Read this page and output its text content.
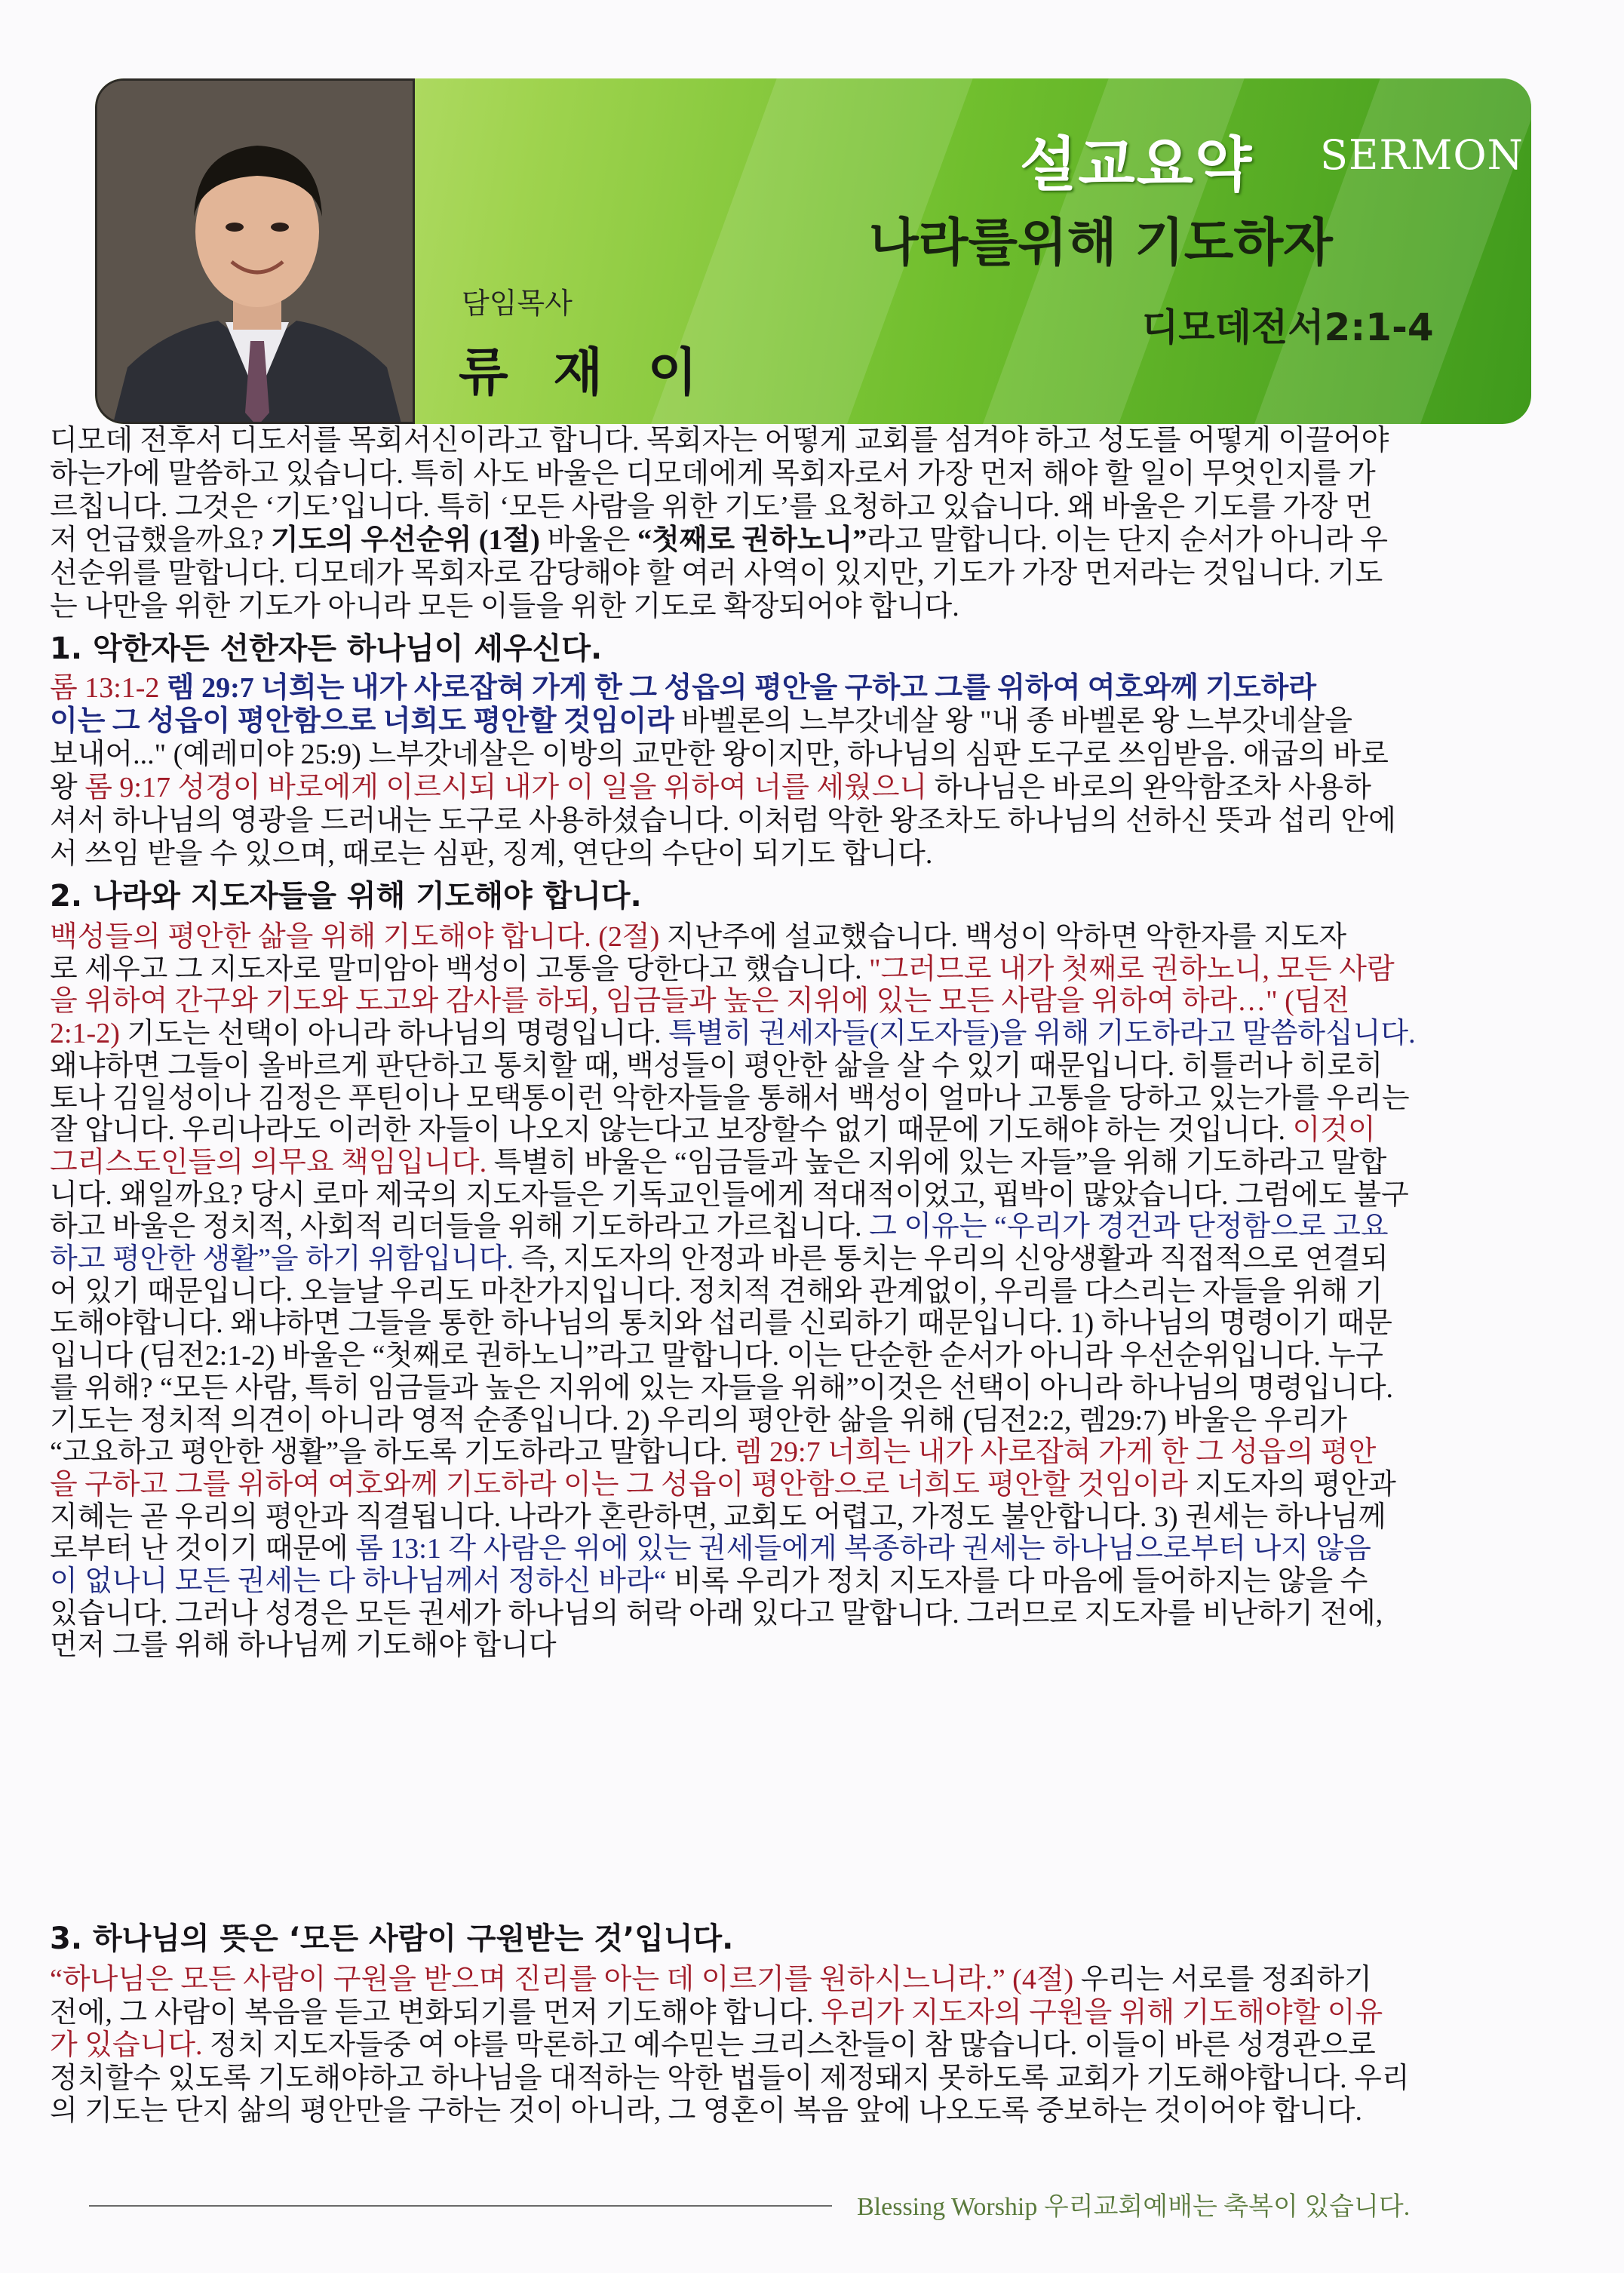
담임목사
류 재 이
설교요약 SERMON
나라를위해 기도하자
디모데전서2:1-4
디모데 전후서 디도서를 목회서신이라고 합니다. 목회자는 어떻게 교회를 섬겨야 하고 성도를 어떻게 이끌어야
하는가에 말씀하고 있습니다. 특히 사도 바울은 디모데에게 목회자로서 가장 먼저 해야 할 일이 무엇인지를 가
르칩니다. 그것은 ‘기도’입니다. 특히 ‘모든 사람을 위한 기도’를 요청하고 있습니다. 왜 바울은 기도를 가장 먼
저 언급했을까요? 기도의 우선순위 (1절) 바울은 “첫째로 권하노니”라고 말합니다. 이는 단지 순서가 아니라 우
선순위를 말합니다. 디모데가 목회자로 감당해야 할 여러 사역이 있지만, 기도가 가장 먼저라는 것입니다. 기도
는 나만을 위한 기도가 아니라 모든 이들을 위한 기도로 확장되어야 합니다.
1. 악한자든 선한자든 하나님이 세우신다.
롬 13:1-2 렘 29:7 너희는 내가 사로잡혀 가게 한 그 성읍의 평안을 구하고 그를 위하여 여호와께 기도하라
이는 그 성읍이 평안함으로 너희도 평안할 것임이라 바벨론의 느부갓네살 왕 "내 종 바벨론 왕 느부갓네살을
보내어..." (예레미야 25:9) 느부갓네살은 이방의 교만한 왕이지만, 하나님의 심판 도구로 쓰임받음. 애굽의 바로
왕 롬 9:17 성경이 바로에게 이르시되 내가 이 일을 위하여 너를 세웠으니 하나님은 바로의 완악함조차 사용하
셔서 하나님의 영광을 드러내는 도구로 사용하셨습니다. 이처럼 악한 왕조차도 하나님의 선하신 뜻과 섭리 안에
서 쓰임 받을 수 있으며, 때로는 심판, 징계, 연단의 수단이 되기도 합니다.
2. 나라와 지도자들을 위해 기도해야 합니다.
백성들의 평안한 삶을 위해 기도해야 합니다. (2절) 지난주에 설교했습니다. 백성이 악하면 악한자를 지도자
로 세우고 그 지도자로 말미암아 백성이 고통을 당한다고 했습니다. "그러므로 내가 첫째로 권하노니, 모든 사람
을 위하여 간구와 기도와 도고와 감사를 하되, 임금들과 높은 지위에 있는 모든 사람을 위하여 하라…" (딤전
2:1-2) 기도는 선택이 아니라 하나님의 명령입니다. 특별히 권세자들(지도자들)을 위해 기도하라고 말씀하십니다.
왜냐하면 그들이 올바르게 판단하고 통치할 때, 백성들이 평안한 삶을 살 수 있기 때문입니다. 히틀러나 히로히
토나 김일성이나 김정은 푸틴이나 모택통이런 악한자들을 통해서 백성이 얼마나 고통을 당하고 있는가를 우리는
잘 압니다. 우리나라도 이러한 자들이 나오지 않는다고 보장할수 없기 때문에 기도해야 하는 것입니다. 이것이
그리스도인들의 의무요 책임입니다. 특별히 바울은 “임금들과 높은 지위에 있는 자들”을 위해 기도하라고 말합
니다. 왜일까요? 당시 로마 제국의 지도자들은 기독교인들에게 적대적이었고, 핍박이 많았습니다. 그럼에도 불구
하고 바울은 정치적, 사회적 리더들을 위해 기도하라고 가르칩니다. 그 이유는 “우리가 경건과 단정함으로 고요
하고 평안한 생활”을 하기 위함입니다. 즉, 지도자의 안정과 바른 통치는 우리의 신앙생활과 직접적으로 연결되
어 있기 때문입니다. 오늘날 우리도 마찬가지입니다. 정치적 견해와 관계없이, 우리를 다스리는 자들을 위해 기
도해야합니다. 왜냐하면 그들을 통한 하나님의 통치와 섭리를 신뢰하기 때문입니다. 1) 하나님의 명령이기 때문
입니다 (딤전2:1-2) 바울은 “첫째로 권하노니”라고 말합니다. 이는 단순한 순서가 아니라 우선순위입니다. 누구
를 위해? “모든 사람, 특히 임금들과 높은 지위에 있는 자들을 위해”이것은 선택이 아니라 하나님의 명령입니다.
기도는 정치적 의견이 아니라 영적 순종입니다. 2) 우리의 평안한 삶을 위해 (딤전2:2, 렘29:7) 바울은 우리가
“고요하고 평안한 생활”을 하도록 기도하라고 말합니다. 렘 29:7 너희는 내가 사로잡혀 가게 한 그 성읍의 평안
을 구하고 그를 위하여 여호와께 기도하라 이는 그 성읍이 평안함으로 너희도 평안할 것임이라 지도자의 평안과
지혜는 곧 우리의 평안과 직결됩니다. 나라가 혼란하면, 교회도 어렵고, 가정도 불안합니다. 3) 권세는 하나님께
로부터 난 것이기 때문에 롬 13:1 각 사람은 위에 있는 권세들에게 복종하라 권세는 하나님으로부터 나지 않음
이 없나니 모든 권세는 다 하나님께서 정하신 바라“ 비록 우리가 정치 지도자를 다 마음에 들어하지는 않을 수
있습니다. 그러나 성경은 모든 권세가 하나님의 허락 아래 있다고 말합니다. 그러므로 지도자를 비난하기 전에,
먼저 그를 위해 하나님께 기도해야 합니다
3. 하나님의 뜻은 ‘모든 사람이 구원받는 것’입니다.
“하나님은 모든 사람이 구원을 받으며 진리를 아는 데 이르기를 원하시느니라.” (4절) 우리는 서로를 정죄하기
전에, 그 사람이 복음을 듣고 변화되기를 먼저 기도해야 합니다. 우리가 지도자의 구원을 위해 기도해야할 이유
가 있습니다. 정치 지도자들중 여 야를 막론하고 예수믿는 크리스찬들이 참 많습니다. 이들이 바른 성경관으로
정치할수 있도록 기도해야하고 하나님을 대적하는 악한 법들이 제정돼지 못하도록 교회가 기도해야합니다. 우리
의 기도는 단지 삶의 평안만을 구하는 것이 아니라, 그 영혼이 복음 앞에 나오도록 중보하는 것이어야 합니다.
Blessing Worship 우리교회예배는 축복이 있습니다.
